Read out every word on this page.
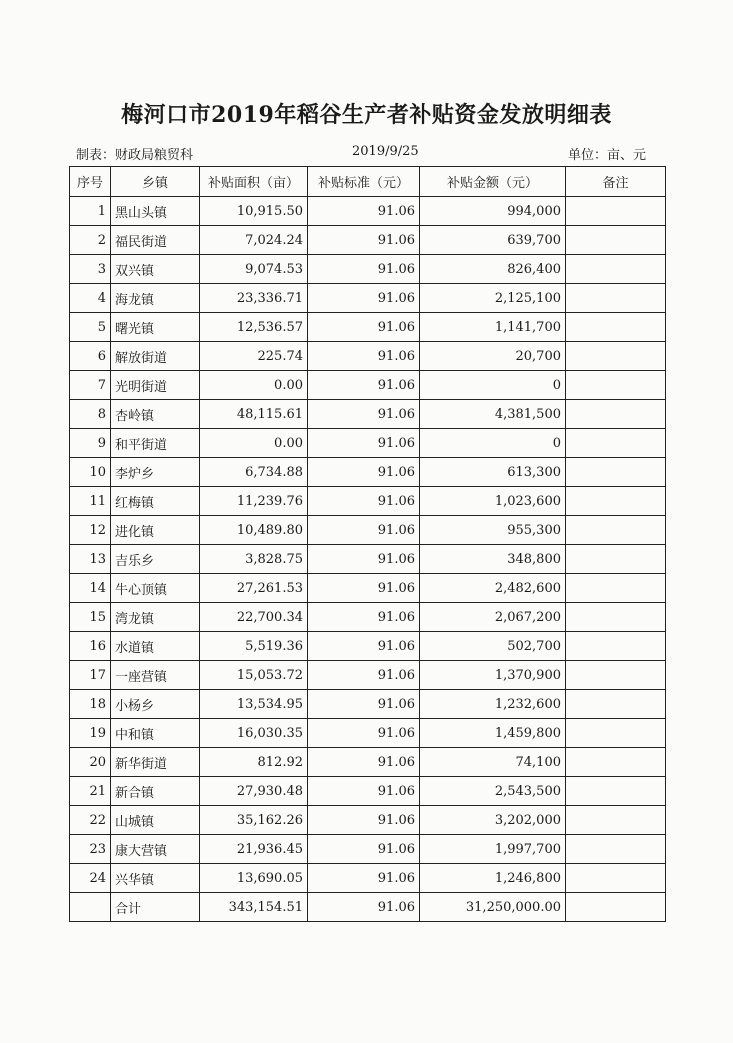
梅河口市2019年稻谷生产者补贴资金发放明细表
制表：财政局粮贸科	2019/9/25	单位：亩、元
序号	乡镇	补贴面积（亩）	补贴标准（元）	补贴金额（元）	备注
1	黑山头镇	10,915.50	91.06	994,000	
2	福民街道	7,024.24	91.06	639,700	
3	双兴镇	9,074.53	91.06	826,400	
4	海龙镇	23,336.71	91.06	2,125,100	
5	曙光镇	12,536.57	91.06	1,141,700	
6	解放街道	225.74	91.06	20,700	
7	光明街道	0.00	91.06	0	
8	杏岭镇	48,115.61	91.06	4,381,500	
9	和平街道	0.00	91.06	0	
10	李炉乡	6,734.88	91.06	613,300	
11	红梅镇	11,239.76	91.06	1,023,600	
12	进化镇	10,489.80	91.06	955,300	
13	吉乐乡	3,828.75	91.06	348,800	
14	牛心顶镇	27,261.53	91.06	2,482,600	
15	湾龙镇	22,700.34	91.06	2,067,200	
16	水道镇	5,519.36	91.06	502,700	
17	一座营镇	15,053.72	91.06	1,370,900	
18	小杨乡	13,534.95	91.06	1,232,600	
19	中和镇	16,030.35	91.06	1,459,800	
20	新华街道	812.92	91.06	74,100	
21	新合镇	27,930.48	91.06	2,543,500	
22	山城镇	35,162.26	91.06	3,202,000	
23	康大营镇	21,936.45	91.06	1,997,700	
24	兴华镇	13,690.05	91.06	1,246,800	
	合计	343,154.51	91.06	31,250,000.00	
